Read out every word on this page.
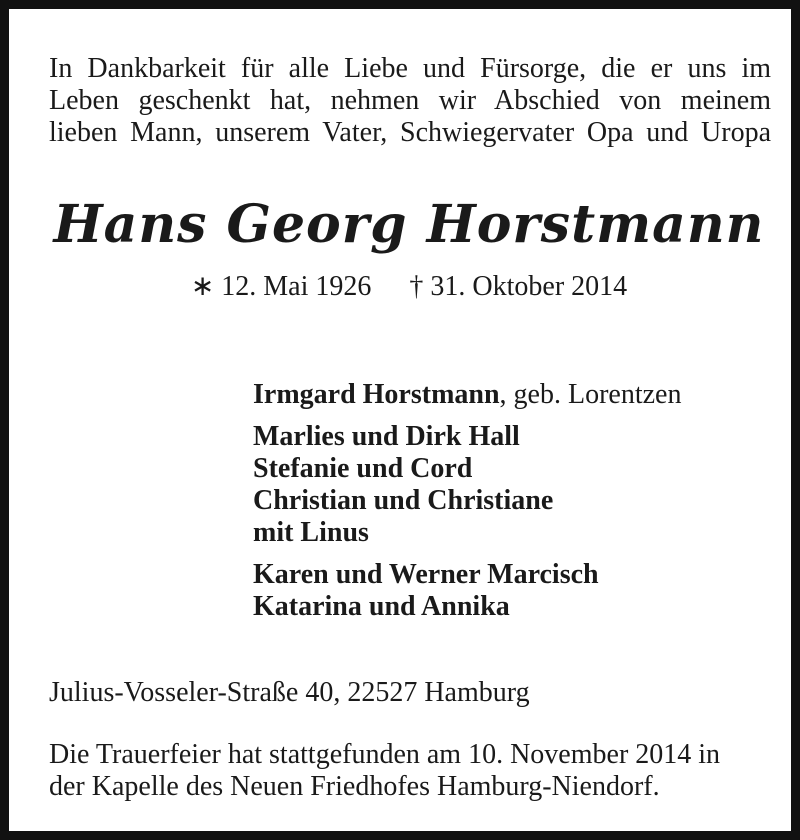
In Dankbarkeit für alle Liebe und Fürsorge, die er uns im
Leben geschenkt hat, nehmen wir Abschied von meinem
lieben Mann, unserem Vater, Schwiegervater Opa und Uropa
Hans Georg Horstmann
∗ 12. Mai 1926 † 31. Oktober 2014
Irmgard Horstmann, geb. Lorentzen
Marlies und Dirk Hall
Stefanie und Cord
Christian und Christiane
mit Linus
Karen und Werner Marcisch
Katarina und Annika
Julius-Vosseler-Straße 40, 22527 Hamburg
Die Trauerfeier hat stattgefunden am 10. November 2014 in
der Kapelle des Neuen Friedhofes Hamburg-Niendorf.
